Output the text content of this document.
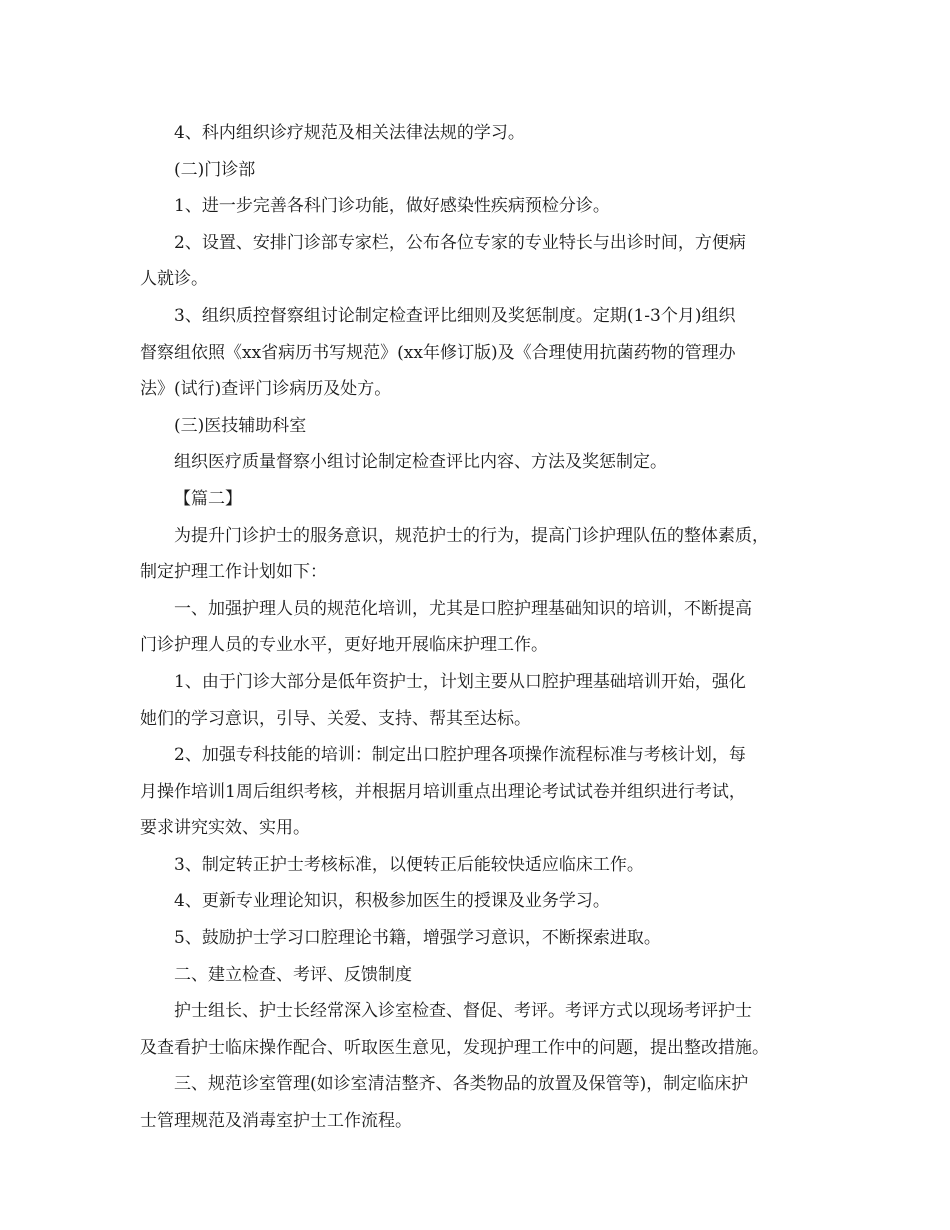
4、科内组织诊疗规范及相关法律法规的学习。

(二)门诊部

1、进一步完善各科门诊功能，做好感染性疾病预检分诊。

2、设置、安排门诊部专家栏，公布各位专家的专业特长与出诊时间，方便病

人就诊。

3、组织质控督察组讨论制定检查评比细则及奖惩制度。定期(1-3个月)组织

督察组依照《xx省病历书写规范》(xx年修订版)及《合理使用抗菌药物的管理办

法》(试行)查评门诊病历及处方。

(三)医技辅助科室

组织医疗质量督察小组讨论制定检查评比内容、方法及奖惩制定。

【篇二】

为提升门诊护士的服务意识，规范护士的行为，提高门诊护理队伍的整体素质，

制定护理工作计划如下：

一、加强护理人员的规范化培训，尤其是口腔护理基础知识的培训，不断提高

门诊护理人员的专业水平，更好地开展临床护理工作。

1、由于门诊大部分是低年资护士，计划主要从口腔护理基础培训开始，强化

她们的学习意识，引导、关爱、支持、帮其至达标。

2、加强专科技能的培训：制定出口腔护理各项操作流程标准与考核计划，每

月操作培训1周后组织考核，并根据月培训重点出理论考试试卷并组织进行考试，

要求讲究实效、实用。

3、制定转正护士考核标准，以便转正后能较快适应临床工作。

4、更新专业理论知识，积极参加医生的授课及业务学习。

5、鼓励护士学习口腔理论书籍，增强学习意识，不断探索进取。

二、建立检查、考评、反馈制度

护士组长、护士长经常深入诊室检查、督促、考评。考评方式以现场考评护士

及查看护士临床操作配合、听取医生意见，发现护理工作中的问题，提出整改措施。

三、规范诊室管理(如诊室清洁整齐、各类物品的放置及保管等)，制定临床护

士管理规范及消毒室护士工作流程。
